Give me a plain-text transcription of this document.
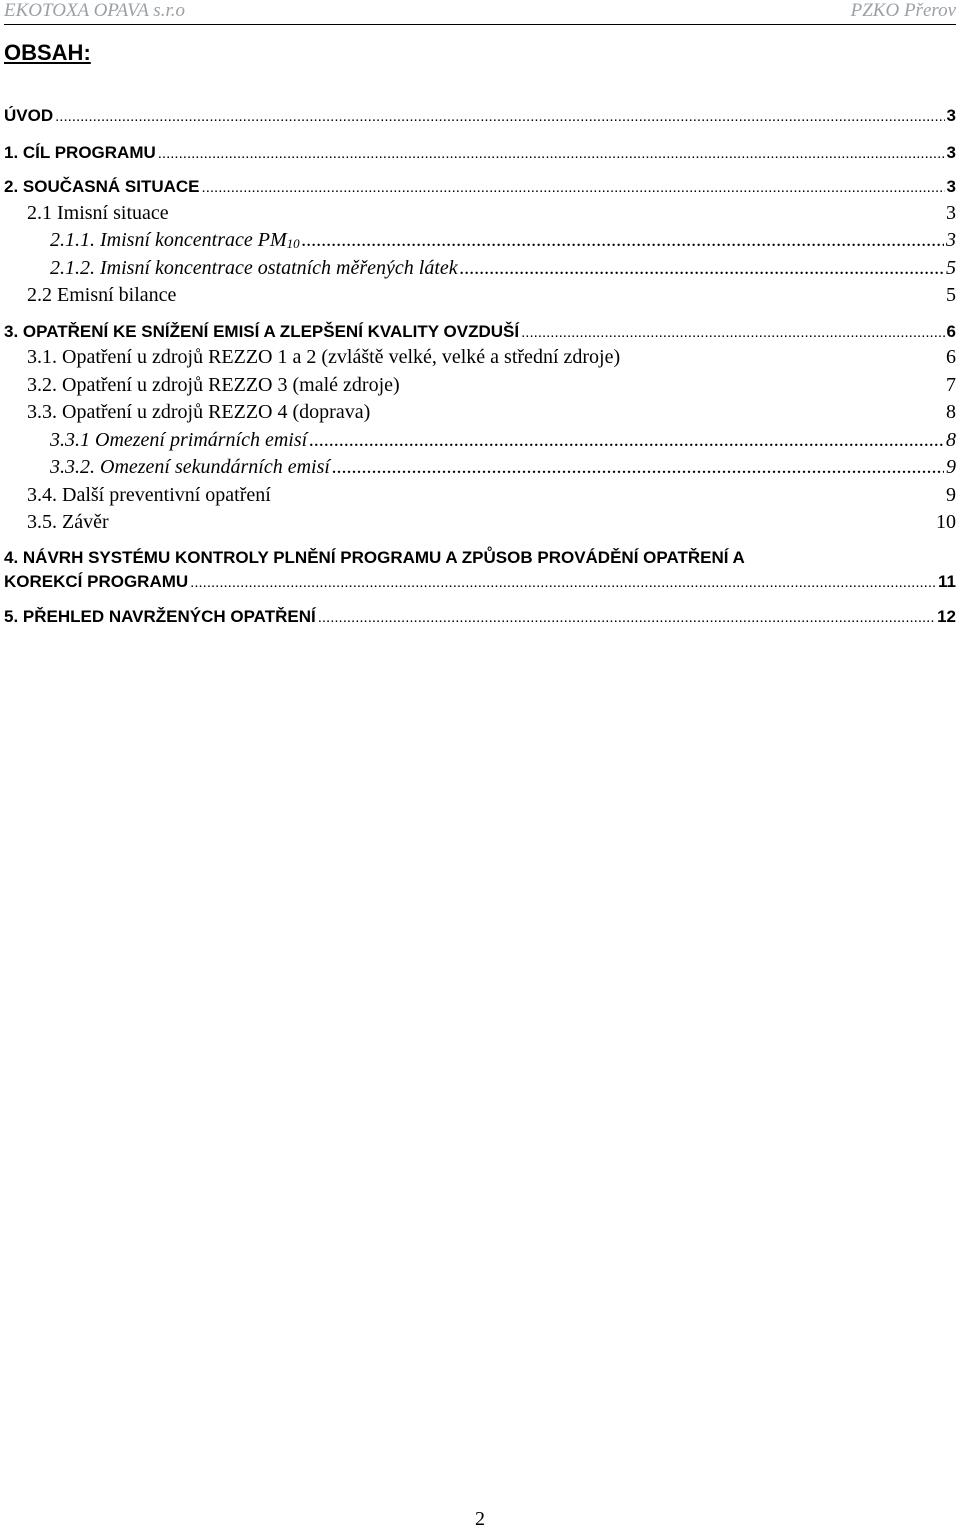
EKOTOXA OPAVA s.r.o	PZKO Přerov
OBSAH:
ÚVOD .....	3
1. CÍL PROGRAMU .....	3
2. SOUČASNÁ SITUACE .....	3
2.1 Imisní situace	3
2.1.1. Imisní koncentrace $PM_{10}$ .....	3
2.1.2. Imisní koncentrace ostatních měřených látek .....	5
2.2 Emisní bilance	5
3. OPATŘENÍ KE SNÍŽENÍ EMISÍ A ZLEPŠENÍ KVALITY OVZDUŠÍ .....	6
3.1. Opatření u zdrojů REZZO 1 a 2 (zvláště velké, velké a střední zdroje)	6
3.2. Opatření u zdrojů REZZO 3 (malé zdroje)	7
3.3. Opatření u zdrojů REZZO 4 (doprava)	8
3.3.1 Omezení primárních emisí .....	8
3.3.2. Omezení sekundárních emisí .....	9
3.4. Další preventivní opatření	9
3.5. Závěr	10
4. NÁVRH SYSTÉMU KONTROLY PLNĚNÍ PROGRAMU A ZPŮSOB PROVÁDĚNÍ OPATŘENÍ A
KOREKCÍ PROGRAMU .....	11
5. PŘEHLED NAVRŽENÝCH OPATŘENÍ .....	12
2
